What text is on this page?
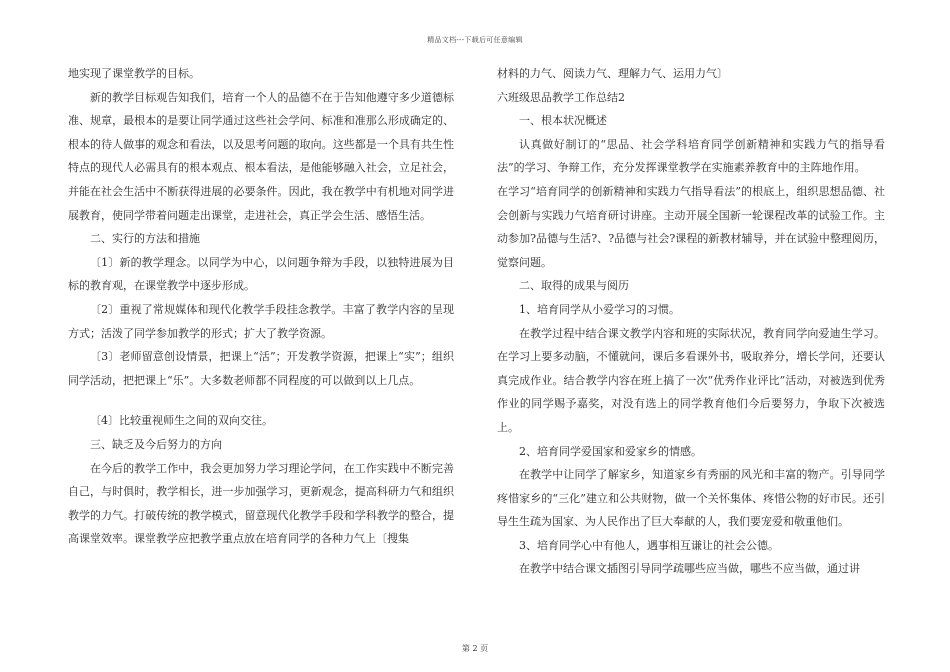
精品文档---下载后可任意编辑

地实现了课堂教学的目标。

新的教学目标观告知我们，培育一个人的品德不在于告知他遵守多少道德标准、规章，最根本的是要让同学通过这些社会学问、标准和准那么形成确定的、根本的待人做事的观念和看法，以及思考问题的取向。这些都是一个具有共生性特点的现代人必需具有的根本观点、根本看法，是他能够融入社会，立足社会，并能在社会生活中不断获得进展的必要条件。因此，我在教学中有机地对同学进展教育，使同学带着问题走出课堂，走进社会，真正学会生活、感悟生活。

二、实行的方法和措施

〔1〕新的教学理念。以同学为中心，以问题争辩为手段，以独特进展为目标的教育观，在课堂教学中逐步形成。

〔2〕重视了常规媒体和现代化教学手段挂念教学。丰富了教学内容的呈现方式；活泼了同学参加教学的形式；扩大了教学资源。

〔3〕老师留意创设情景，把课上“活”；开发教学资源，把课上“实”；组织同学活动，把把课上“乐”。大多数老师都不同程度的可以做到以上几点。

〔4〕比较重视师生之间的双向交往。

三、缺乏及今后努力的方向

在今后的教学工作中，我会更加努力学习理论学问，在工作实践中不断完善自己，与时俱时，教学相长，进一步加强学习，更新观念，提高科研力气和组织教学的力气。打破传统的教学模式，留意现代化教学手段和学科教学的整合，提高课堂效率。课堂教学应把教学重点放在培育同学的各种力气上〔搜集

材料的力气、阅读力气、理解力气、运用力气〕

六班级思品教学工作总结2

一、根本状况概述

认真做好制订的“思品、社会学科培育同学创新精神和实践力气的指导看法”的学习、争辩工作，充分发挥课堂教学在实施素养教育中的主阵地作用。

在学习“培育同学的创新精神和实践力气指导看法”的根底上，组织思想品德、社会创新与实践力气培育研讨讲座。主动开展全国新一轮课程改革的试验工作。主动参加?品德与生活?、?品德与社会?课程的新教材辅导，并在试验中整理阅历，觉察问题。

二、取得的成果与阅历

1、培育同学从小爱学习的习惯。

在教学过程中结合课文教学内容和班的实际状况，教育同学向爱迪生学习。在学习上要多动脑，不懂就问，课后多看课外书，吸取养分，增长学问，还要认真完成作业。结合教学内容在班上搞了一次“优秀作业评比”活动，对被选到优秀作业的同学赐予嘉奖，对没有选上的同学教育他们今后要努力，争取下次被选上。

2、培育同学爱国家和爱家乡的情感。

在教学中让同学了解家乡，知道家乡有秀丽的风光和丰富的物产。引导同学疼惜家乡的“三化”建立和公共财物，做一个关怀集体、疼惜公物的好市民。还引导生生疏为国家、为人民作出了巨大奉献的人，我们要宠爱和敬重他们。

3、培育同学心中有他人，遇事相互谦让的社会公德。

在教学中结合课文插图引导同学疏哪些应当做，哪些不应当做，通过讲

第 2 页
